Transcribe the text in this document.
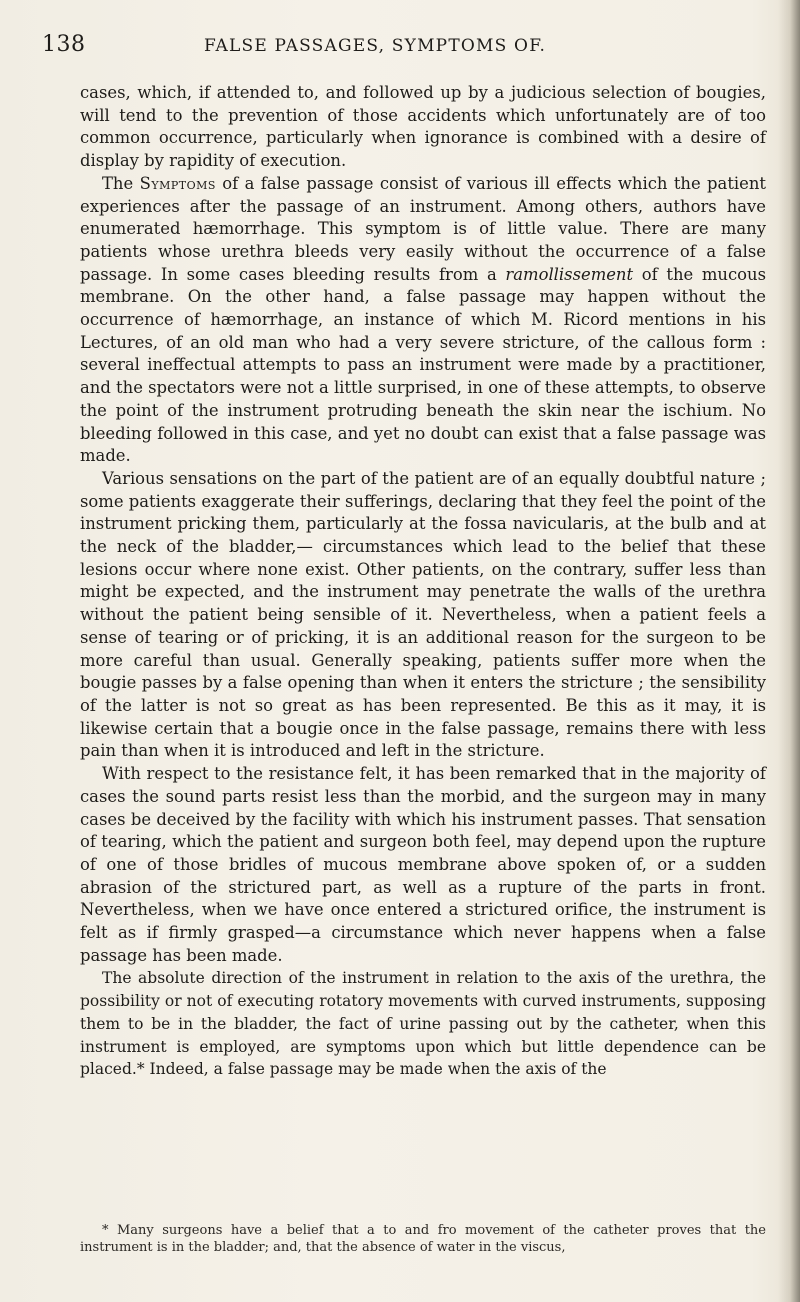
138	FALSE PASSAGES, SYMPTOMS OF.

cases, which, if attended to, and followed up by a judicious selection of bougies, will tend to the prevention of those accidents which unfortunately are of too common occurrence, particularly when ignorance is combined with a desire of display by rapidity of execution.

The Symptoms of a false passage consist of various ill effects which the patient experiences after the passage of an instrument. Among others, authors have enumerated hæmorrhage. This symptom is of little value. There are many patients whose urethra bleeds very easily without the occurrence of a false passage. In some cases bleeding results from a ramollissement of the mucous membrane. On the other hand, a false passage may happen without the occurrence of hæmorrhage, an instance of which M. Ricord mentions in his Lectures, of an old man who had a very severe stricture, of the callous form : several ineffectual attempts to pass an instrument were made by a practitioner, and the spectators were not a little surprised, in one of these attempts, to observe the point of the instrument protruding beneath the skin near the ischium. No bleeding followed in this case, and yet no doubt can exist that a false passage was made.

Various sensations on the part of the patient are of an equally doubtful nature ; some patients exaggerate their sufferings, declaring that they feel the point of the instrument pricking them, particularly at the fossa navicularis, at the bulb and at the neck of the bladder,— circumstances which lead to the belief that these lesions occur where none exist. Other patients, on the contrary, suffer less than might be expected, and the instrument may penetrate the walls of the urethra without the patient being sensible of it. Nevertheless, when a patient feels a sense of tearing or of pricking, it is an additional reason for the surgeon to be more careful than usual. Generally speaking, patients suffer more when the bougie passes by a false opening than when it enters the stricture ; the sensibility of the latter is not so great as has been represented. Be this as it may, it is likewise certain that a bougie once in the false passage, remains there with less pain than when it is introduced and left in the stricture.

With respect to the resistance felt, it has been remarked that in the majority of cases the sound parts resist less than the morbid, and the surgeon may in many cases be deceived by the facility with which his instrument passes. That sensation of tearing, which the patient and surgeon both feel, may depend upon the rupture of one of those bridles of mucous membrane above spoken of, or a sudden abrasion of the strictured part, as well as a rupture of the parts in front. Nevertheless, when we have once entered a strictured orifice, the instrument is felt as if firmly grasped—a circumstance which never happens when a false passage has been made.

The absolute direction of the instrument in relation to the axis of the urethra, the possibility or not of executing rotatory movements with curved instruments, supposing them to be in the bladder, the fact of urine passing out by the catheter, when this instrument is employed, are symptoms upon which but little dependence can be placed.* Indeed, a false passage may be made when the axis of the

* Many surgeons have a belief that a to and fro movement of the catheter proves that the instrument is in the bladder; and, that the absence of water in the viscus,
